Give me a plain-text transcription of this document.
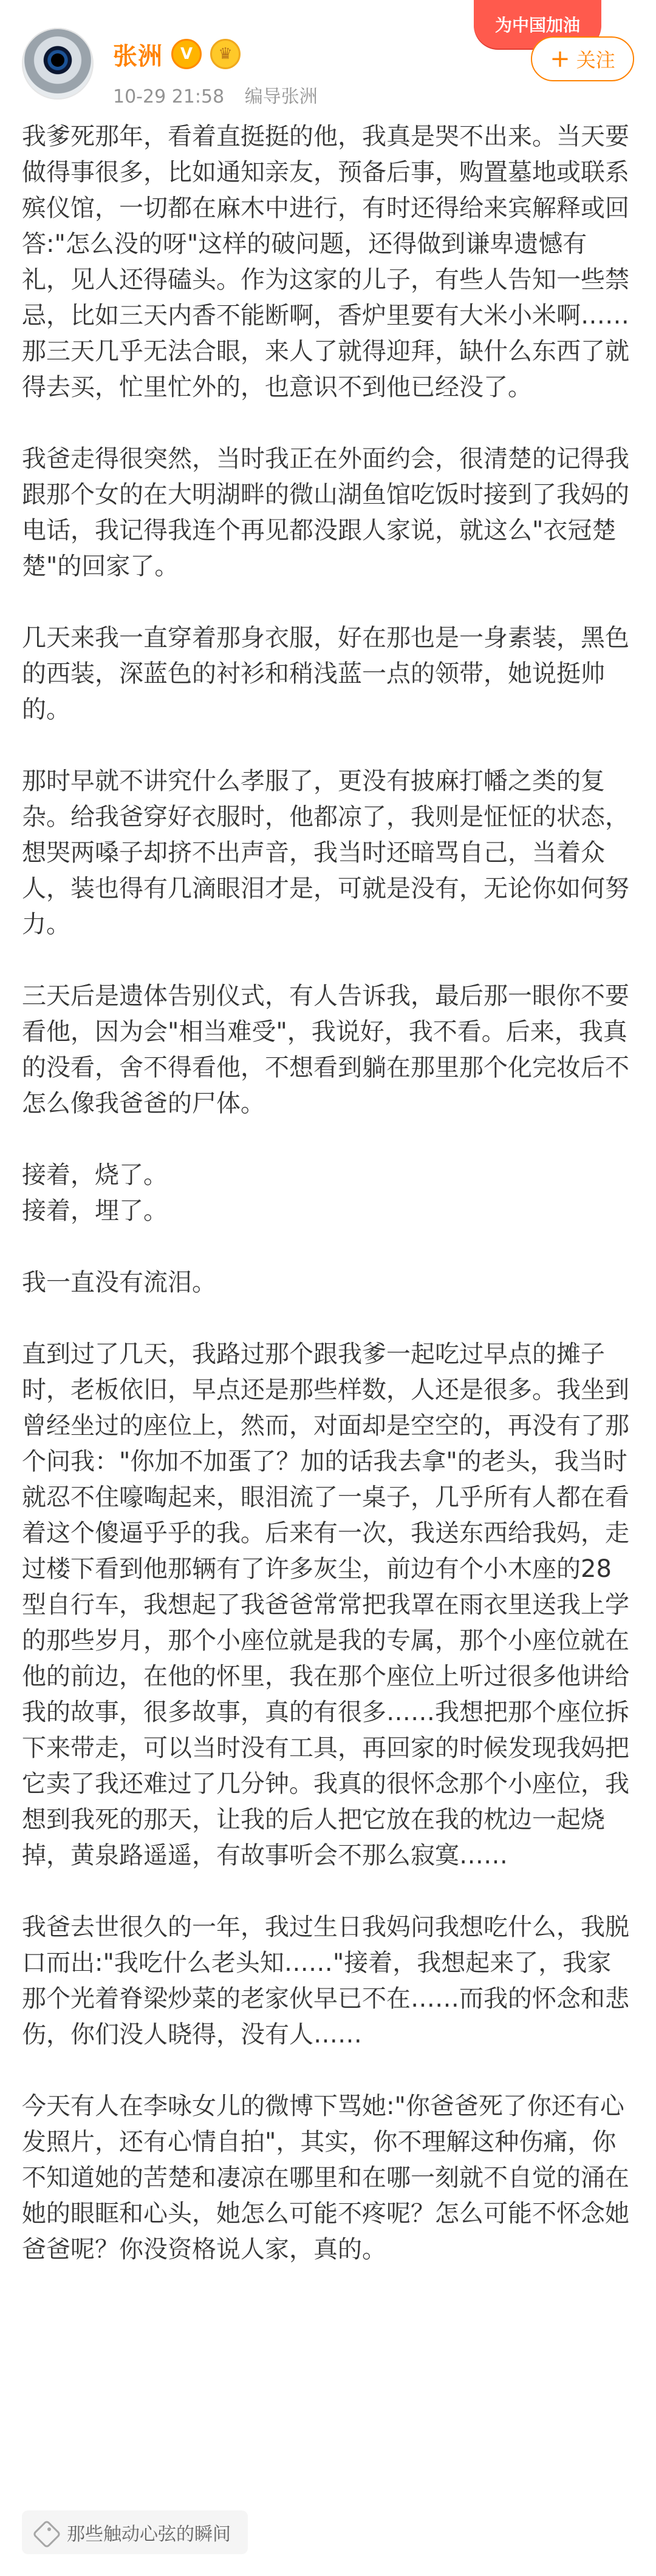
张洲	V	♛
10-29 21:58 编导张洲
为中国加油
+ 关注

我爹死那年，看着直挺挺的他，我真是哭不出来。当天要做得事很多，比如通知亲友，预备后事，购置墓地或联系殡仪馆，一切都在麻木中进行，有时还得给来宾解释或回答:"怎么没的呀"这样的破问题，还得做到谦卑遗憾有礼，见人还得磕头。作为这家的儿子，有些人告知一些禁忌，比如三天内香不能断啊，香炉里要有大米小米啊……那三天几乎无法合眼，来人了就得迎拜，缺什么东西了就得去买，忙里忙外的，也意识不到他已经没了。

我爸走得很突然，当时我正在外面约会，很清楚的记得我跟那个女的在大明湖畔的微山湖鱼馆吃饭时接到了我妈的电话，我记得我连个再见都没跟人家说，就这么"衣冠楚楚"的回家了。

几天来我一直穿着那身衣服，好在那也是一身素装，黑色的西装，深蓝色的衬衫和稍浅蓝一点的领带，她说挺帅的。

那时早就不讲究什么孝服了，更没有披麻打幡之类的复杂。给我爸穿好衣服时，他都凉了，我则是怔怔的状态，想哭两嗓子却挤不出声音，我当时还暗骂自己，当着众人，装也得有几滴眼泪才是，可就是没有，无论你如何努力。

三天后是遗体告别仪式，有人告诉我，最后那一眼你不要看他，因为会"相当难受"，我说好，我不看。后来，我真的没看，舍不得看他，不想看到躺在那里那个化完妆后不怎么像我爸爸的尸体。

接着，烧了。

接着，埋了。

我一直没有流泪。

直到过了几天，我路过那个跟我爹一起吃过早点的摊子时，老板依旧，早点还是那些样数，人还是很多。我坐到曾经坐过的座位上，然而，对面却是空空的，再没有了那个问我："你加不加蛋了？加的话我去拿"的老头，我当时就忍不住嚎啕起来，眼泪流了一桌子，几乎所有人都在看着这个傻逼乎乎的我。后来有一次，我送东西给我妈，走过楼下看到他那辆有了许多灰尘，前边有个小木座的28型自行车，我想起了我爸爸常常把我罩在雨衣里送我上学的那些岁月，那个小座位就是我的专属，那个小座位就在他的前边，在他的怀里，我在那个座位上听过很多他讲给我的故事，很多故事，真的有很多……我想把那个座位拆下来带走，可以当时没有工具，再回家的时候发现我妈把它卖了我还难过了几分钟。我真的很怀念那个小座位，我想到我死的那天，让我的后人把它放在我的枕边一起烧掉，黄泉路遥遥，有故事听会不那么寂寞……

我爸去世很久的一年，我过生日我妈问我想吃什么，我脱口而出:"我吃什么老头知……"接着，我想起来了，我家那个光着脊梁炒菜的老家伙早已不在……而我的怀念和悲伤，你们没人晓得，没有人……

今天有人在李咏女儿的微博下骂她:"你爸爸死了你还有心发照片，还有心情自拍"，其实，你不理解这种伤痛，你不知道她的苦楚和凄凉在哪里和在哪一刻就不自觉的涌在她的眼眶和心头，她怎么可能不疼呢？怎么可能不怀念她爸爸呢？你没资格说人家，真的。

那些触动心弦的瞬间
